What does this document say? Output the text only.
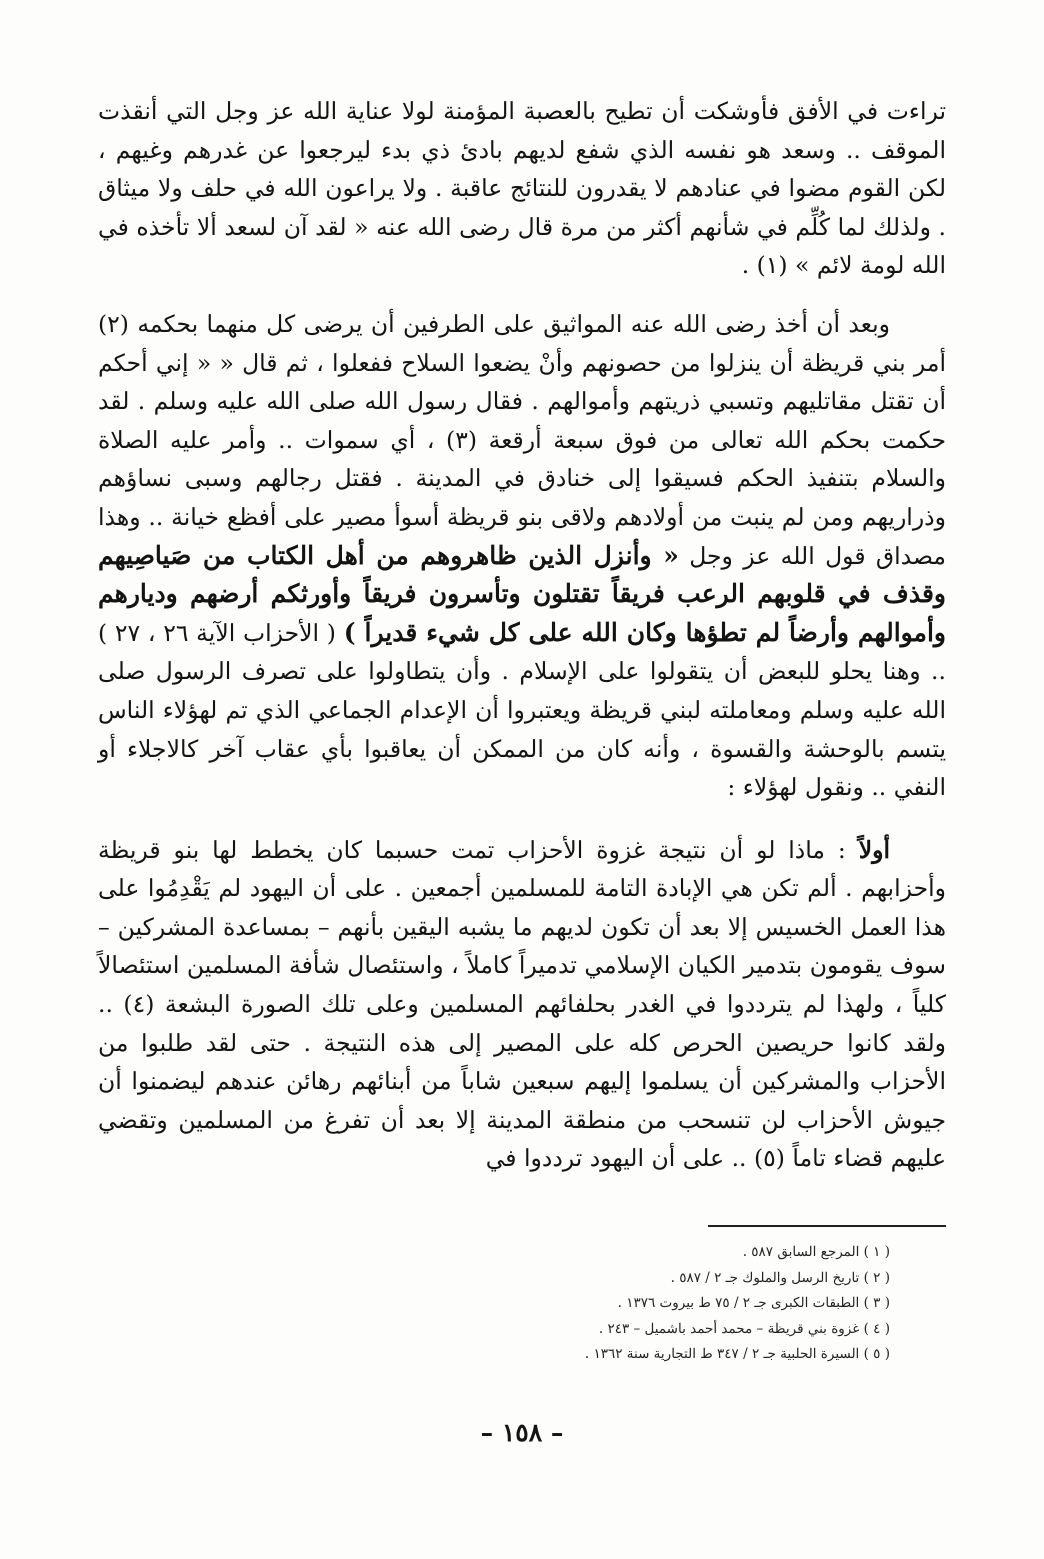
تراءت في الأفق فأوشكت أن تطيح بالعصبة المؤمنة لولا عناية الله عز وجل التي أنقذت الموقف .. وسعد هو نفسه الذي شفع لديهم بادئ ذي بدء ليرجعوا عن غدرهم وغيهم ، لكن القوم مضوا في عنادهم لا يقدرون للنتائج عاقبة . ولا يراعون الله في حلف ولا ميثاق . ولذلك لما كُلِّم في شأنهم أكثر من مرة قال رضى الله عنه « لقد آن لسعد ألا تأخذه في الله لومة لائم » (١) .

وبعد أن أخذ رضى الله عنه المواثيق على الطرفين أن يرضى كل منهما بحكمه (٢) أمر بني قريظة أن ينزلوا من حصونهم وأنْ يضعوا السلاح ففعلوا ، ثم قال « « إني أحكم أن تقتل مقاتليهم وتسبي ذريتهم وأموالهم . فقال رسول الله صلى الله عليه وسلم . لقد حكمت بحكم الله تعالى من فوق سبعة أرقعة (٣) ، أي سموات .. وأمر عليه الصلاة والسلام بتنفيذ الحكم فسيقوا إلى خنادق في المدينة . فقتل رجالهم وسبى نساؤهم وذراريهم ومن لم ينبت من أولادهم ولاقى بنو قريظة أسوأ مصير على أفظع خيانة .. وهذا مصداق قول الله عز وجل « وأنزل الذين ظاهروهم من أهل الكتاب من صَياصِيهم وقذف في قلوبهم الرعب فريقاً تقتلون وتأسرون فريقاً وأورثكم أرضهم وديارهم وأموالهم وأرضاً لم تطؤها وكان الله على كل شيء قديراً ) ( الأحزاب الآية ٢٦ ، ٢٧ ) .. وهنا يحلو للبعض أن يتقولوا على الإسلام . وأن يتطاولوا على تصرف الرسول صلى الله عليه وسلم ومعاملته لبني قريظة ويعتبروا أن الإعدام الجماعي الذي تم لهؤلاء الناس يتسم بالوحشة والقسوة ، وأنه كان من الممكن أن يعاقبوا بأي عقاب آخر كالاجلاء أو النفي .. ونقول لهؤلاء :

أولاً : ماذا لو أن نتيجة غزوة الأحزاب تمت حسبما كان يخطط لها بنو قريظة وأحزابهم . ألم تكن هي الإبادة التامة للمسلمين أجمعين . على أن اليهود لم يَقْدِمُوا على هذا العمل الخسيس إلا بعد أن تكون لديهم ما يشبه اليقين بأنهم – بمساعدة المشركين – سوف يقومون بتدمير الكيان الإسلامي تدميراً كاملاً ، واستئصال شأفة المسلمين استئصالاً كلياً ، ولهذا لم يترددوا في الغدر بحلفائهم المسلمين وعلى تلك الصورة البشعة (٤) .. ولقد كانوا حريصين الحرص كله على المصير إلى هذه النتيجة . حتى لقد طلبوا من الأحزاب والمشركين أن يسلموا إليهم سبعين شاباً من أبنائهم رهائن عندهم ليضمنوا أن جيوش الأحزاب لن تنسحب من منطقة المدينة إلا بعد أن تفرغ من المسلمين وتقضي عليهم قضاء تاماً (٥) .. على أن اليهود ترددوا في

( ١ ) المرجع السابق ٥٨٧ .
( ٢ ) تاريخ الرسل والملوك جـ ٢ / ٥٨٧ .
( ٣ ) الطبقات الكبرى جـ ٢ / ٧٥ ط بيروت ١٣٧٦ .
( ٤ ) غزوة بني قريظة – محمد أحمد باشميل – ٢٤٣ .
( ٥ ) السيرة الحلبية جـ ٢ / ٣٤٧ ط التجارية سنة ١٣٦٢ .
– ١٥٨ –
